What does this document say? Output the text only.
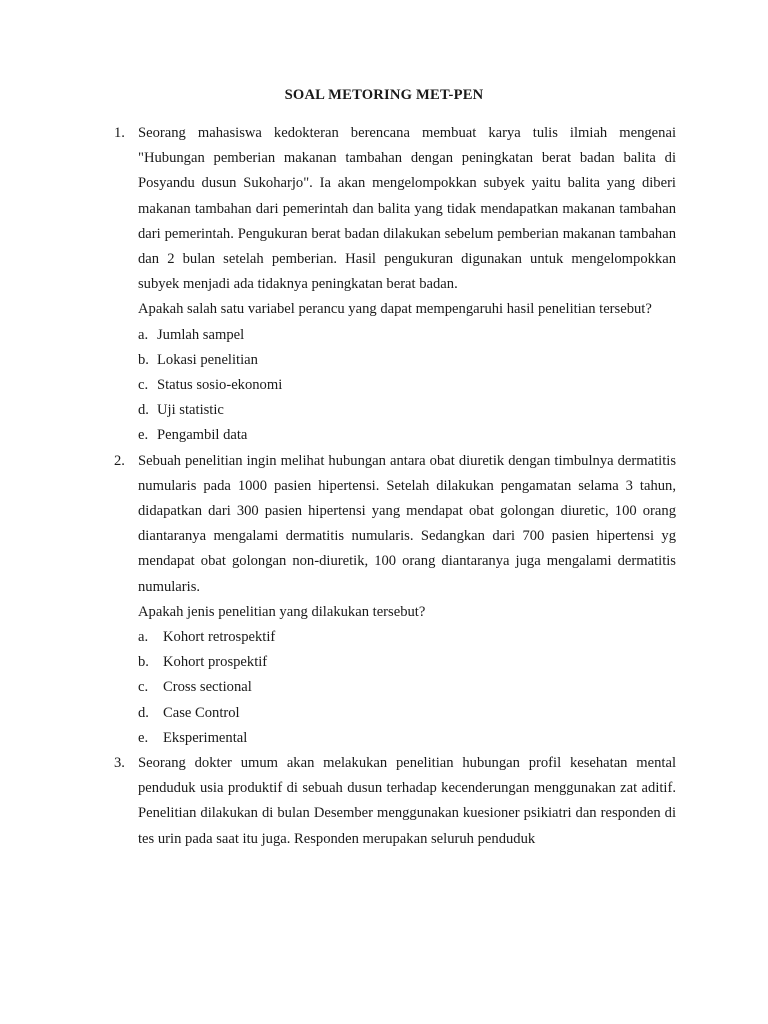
SOAL METORING MET-PEN
1. Seorang mahasiswa kedokteran berencana membuat karya tulis ilmiah mengenai "Hubungan pemberian makanan tambahan dengan peningkatan berat badan balita di Posyandu dusun Sukoharjo". Ia akan mengelompokkan subyek yaitu balita yang diberi makanan tambahan dari pemerintah dan balita yang tidak mendapatkan makanan tambahan dari pemerintah. Pengukuran berat badan dilakukan sebelum pemberian makanan tambahan dan 2 bulan setelah pemberian. Hasil pengukuran digunakan untuk mengelompokkan subyek menjadi ada tidaknya peningkatan berat badan.

Apakah salah satu variabel perancu yang dapat mempengaruhi hasil penelitian tersebut?

a. Jumlah sampel
b. Lokasi penelitian
c. Status sosio-ekonomi
d. Uji statistic
e. Pengambil data
2. Sebuah penelitian ingin melihat hubungan antara obat diuretik dengan timbulnya dermatitis numularis pada 1000 pasien hipertensi. Setelah dilakukan pengamatan selama 3 tahun, didapatkan dari 300 pasien hipertensi yang mendapat obat golongan diuretic, 100 orang diantaranya mengalami dermatitis numularis. Sedangkan dari 700 pasien hipertensi yg mendapat obat golongan non-diuretik, 100 orang diantaranya juga mengalami dermatitis numularis.

Apakah jenis penelitian yang dilakukan tersebut?

a. Kohort retrospektif
b. Kohort prospektif
c. Cross sectional
d. Case Control
e. Eksperimental
3. Seorang dokter umum akan melakukan penelitian hubungan profil kesehatan mental penduduk usia produktif di sebuah dusun terhadap kecenderungan menggunakan zat aditif. Penelitian dilakukan di bulan Desember menggunakan kuesioner psikiatri dan responden di tes urin pada saat itu juga. Responden merupakan seluruh penduduk
